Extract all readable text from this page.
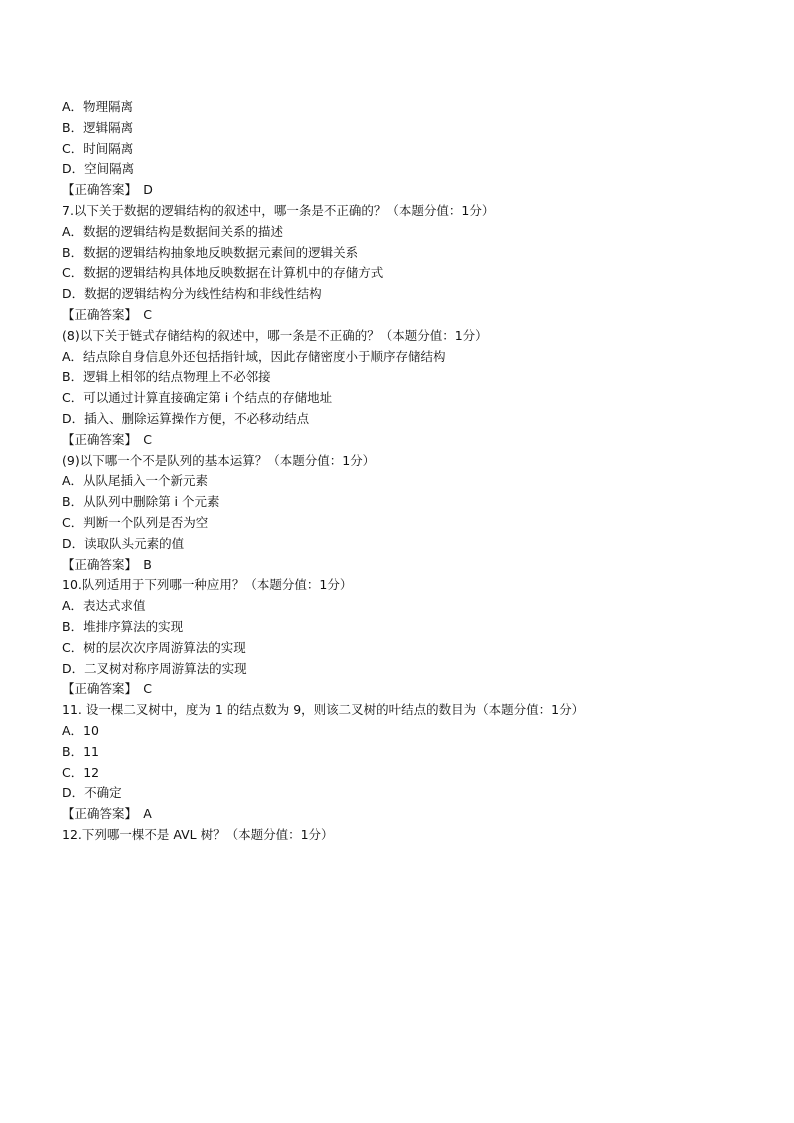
A．物理隔离
B．逻辑隔离
C．时间隔离
D．空间隔离
【正确答案】　D
7.以下关于数据的逻辑结构的叙述中，哪一条是不正确的？（本题分值：1分）
A．数据的逻辑结构是数据间关系的描述
B．数据的逻辑结构抽象地反映数据元素间的逻辑关系
C．数据的逻辑结构具体地反映数据在计算机中的存储方式
D．数据的逻辑结构分为线性结构和非线性结构
【正确答案】　C
(8)以下关于链式存储结构的叙述中，哪一条是不正确的？（本题分值：1分）
A．结点除自身信息外还包括指针域，因此存储密度小于顺序存储结构
B．逻辑上相邻的结点物理上不必邻接
C．可以通过计算直接确定第 i 个结点的存储地址
D．插入、删除运算操作方便，不必移动结点
【正确答案】　C
(9)以下哪一个不是队列的基本运算？（本题分值：1分）
A．从队尾插入一个新元素
B．从队列中删除第 i 个元素
C．判断一个队列是否为空
D．读取队头元素的值
【正确答案】　B
10.队列适用于下列哪一种应用？（本题分值：1分）
A．表达式求值
B．堆排序算法的实现
C．树的层次次序周游算法的实现
D．二叉树对称序周游算法的实现
【正确答案】　C
11. 设一棵二叉树中，度为 1 的结点数为 9，则该二叉树的叶结点的数目为（本题分值：1分）
A．10
B．11
C．12
D．不确定
【正确答案】　A
12.下列哪一棵不是 AVL 树？（本题分值：1分）
